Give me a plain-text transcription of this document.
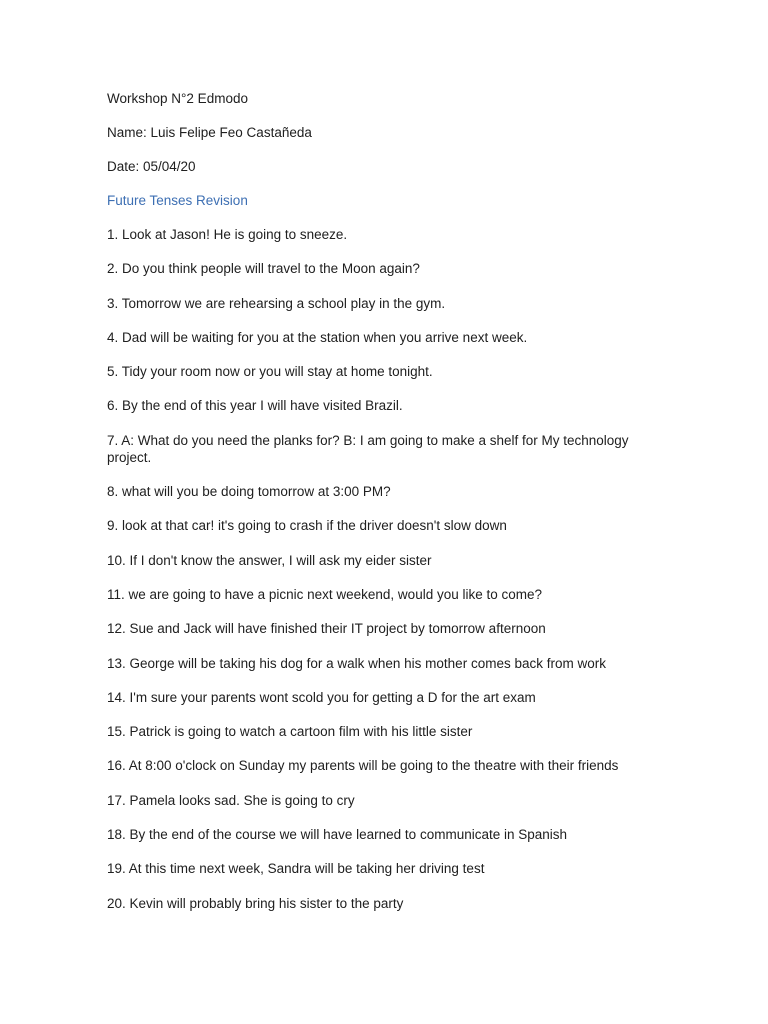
Workshop N°2 Edmodo

Name: Luis Felipe Feo Castañeda

Date: 05/04/20

Future Tenses Revision

1. Look at Jason! He is going to sneeze.
2. Do you think people will travel to the Moon again?
3. Tomorrow we are rehearsing a school play in the gym.
4. Dad will be waiting for you at the station when you arrive next week.
5. Tidy your room now or you will stay at home tonight.
6. By the end of this year I will have visited Brazil.
7. A: What do you need the planks for? B: I am going to make a shelf for My technology project.
8. what will you be doing tomorrow at 3:00 PM?
9. look at that car! it's going to crash if the driver doesn't slow down
10. If I don't know the answer, I will ask my eider sister
11. we are going to have a picnic next weekend, would you like to come?
12. Sue and Jack will have finished their IT project by tomorrow afternoon
13. George will be taking his dog for a walk when his mother comes back from work
14. I'm sure your parents wont scold you for getting a D for the art exam
15. Patrick is going to watch a cartoon film with his little sister
16. At 8:00 o'clock on Sunday my parents will be going to the theatre with their friends
17. Pamela looks sad. She is going to cry
18. By the end of the course we will have learned to communicate in Spanish
19. At this time next week, Sandra will be taking her driving test
20. Kevin will probably bring his sister to the party
